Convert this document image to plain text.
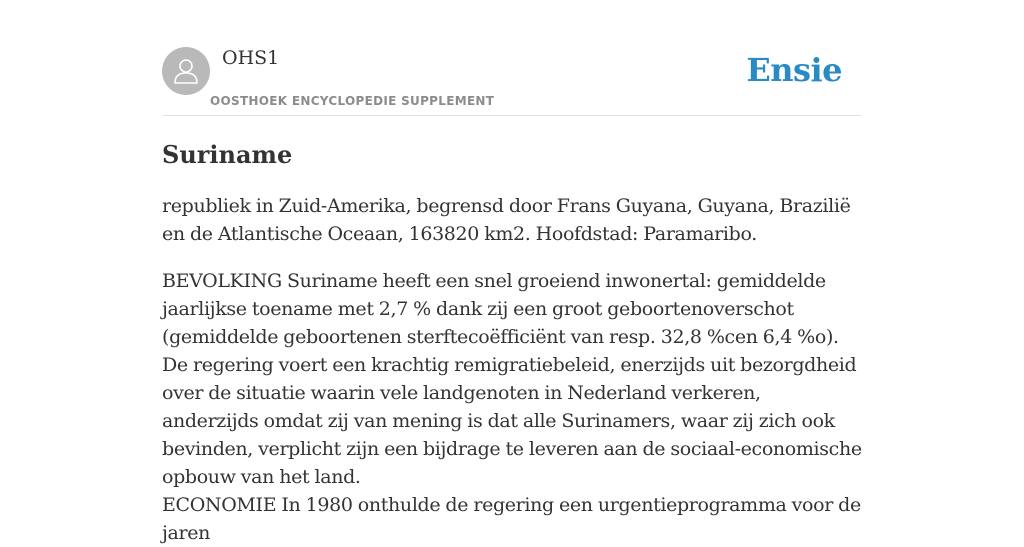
OHS1
OOSTHOEK ENCYCLOPEDIE SUPPLEMENT
Ensie
Suriname

republiek in Zuid-Amerika, begrensd door Frans Guyana, Guyana, Brazilië en de Atlantische Oceaan, 163820 km2. Hoofdstad: Paramaribo.

BEVOLKING Suriname heeft een snel groeiend inwonertal: gemiddelde jaarlijkse toename met 2,7 % dank zij een groot geboortenoverschot (gemiddelde geboortenen sterftecoëfficiënt van resp. 32,8 %cen 6,4 %o). De regering voert een krachtig remigratiebeleid, enerzijds uit bezorgdheid over de situatie waarin vele landgenoten in Nederland verkeren, anderzijds omdat zij van mening is dat alle Surinamers, waar zij zich ook bevinden, verplicht zijn een bijdrage te leveren aan de sociaal-economische opbouw van het land.

ECONOMIE In 1980 onthulde de regering een urgentieprogramma voor de jaren
